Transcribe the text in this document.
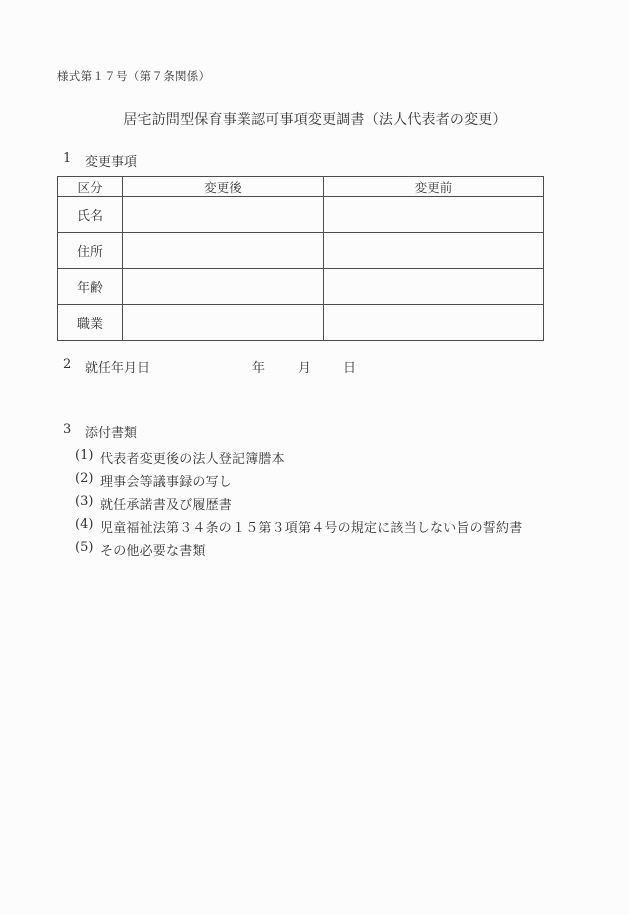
様式第１７号（第７条関係）
居宅訪問型保育事業認可事項変更調書（法人代表者の変更）
1 変更事項
区分	変更後	変更前
氏名		
住所		
年齢		
職業		
2 就任年月日	年	月 日
3 添付書類
(1) 代表者変更後の法人登記簿謄本
(2) 理事会等議事録の写し
(3) 就任承諾書及び履歴書
(4) 児童福祉法第３４条の１５第３項第４号の規定に該当しない旨の誓約書
(5) その他必要な書類
